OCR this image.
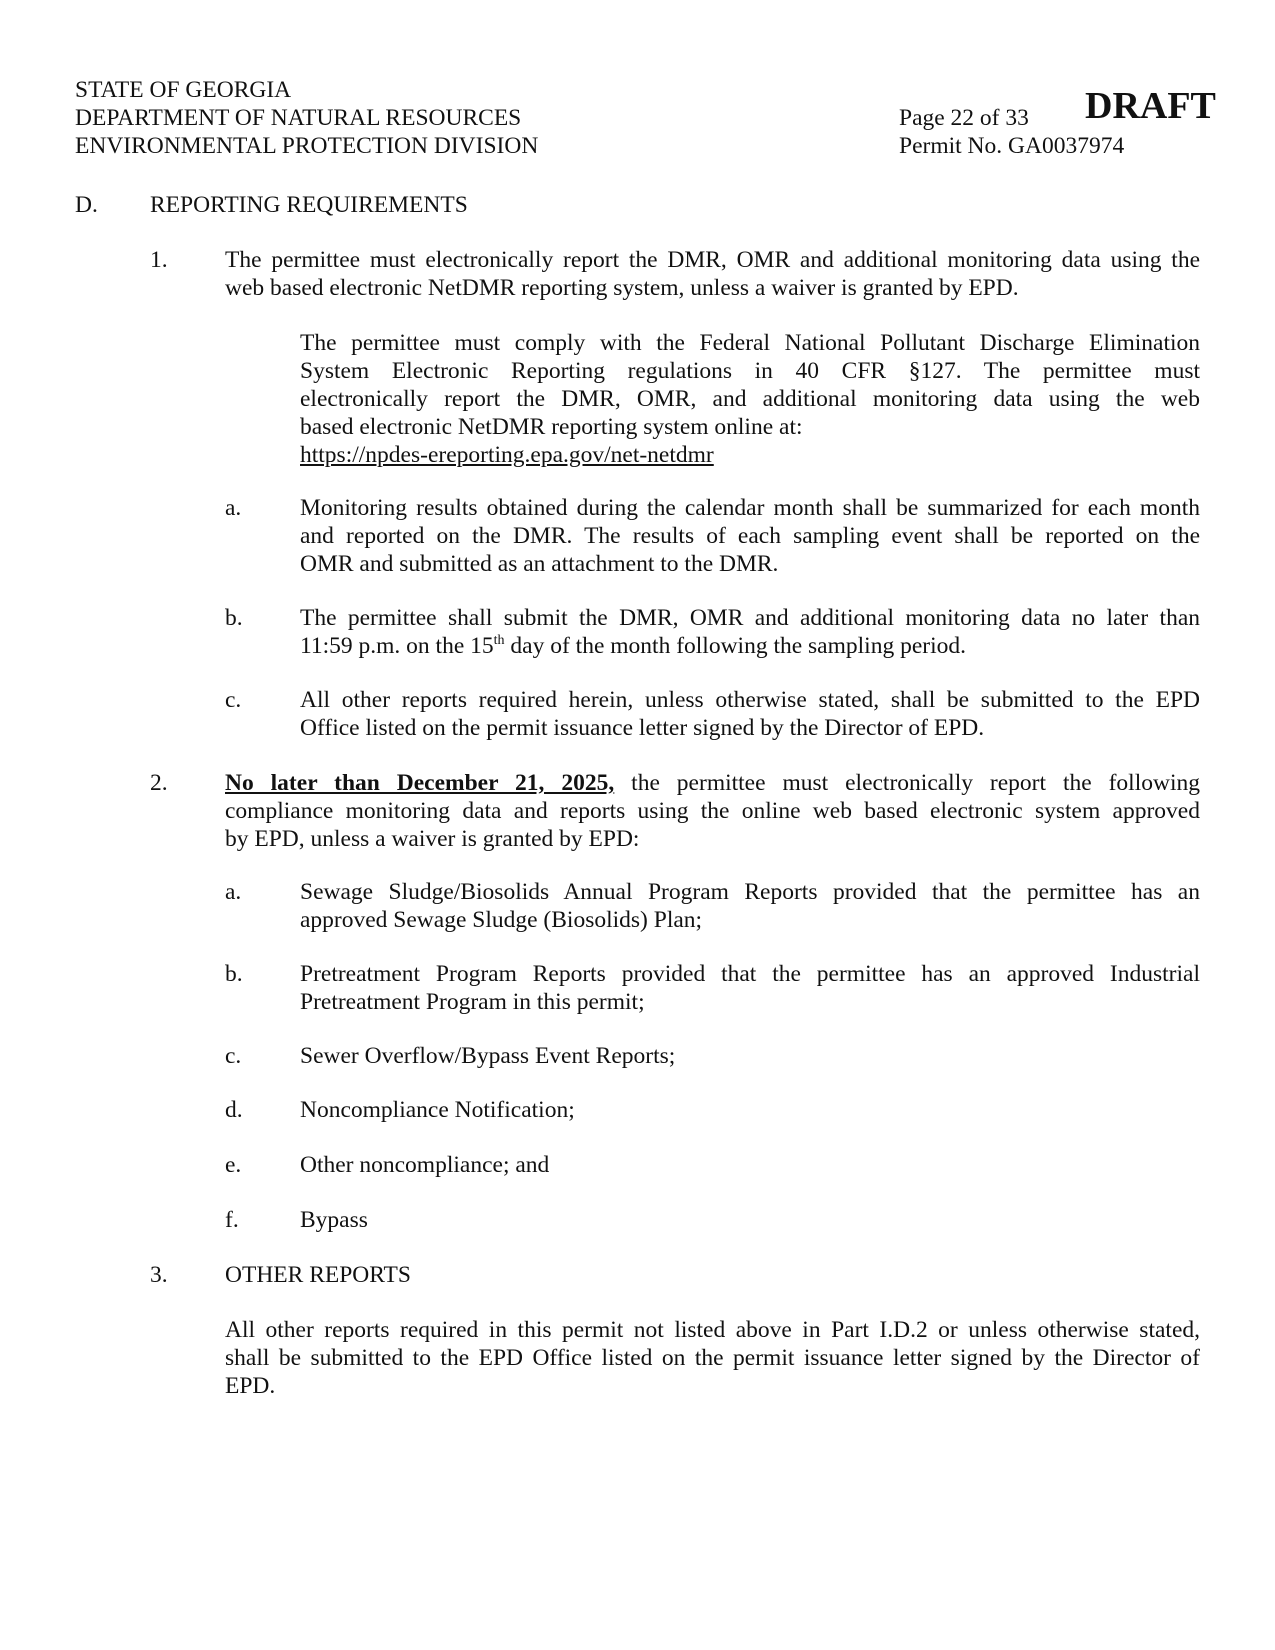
STATE OF GEORGIA
DEPARTMENT OF NATURAL RESOURCES
ENVIRONMENTAL PROTECTION DIVISION
Page 22 of 33
Permit No. GA0037974
DRAFT
D. REPORTING REQUIREMENTS
1. The permittee must electronically report the DMR, OMR and additional monitoring data using the
web based electronic NetDMR reporting system, unless a waiver is granted by EPD.
The permittee must comply with the Federal National Pollutant Discharge Elimination
System Electronic Reporting regulations in 40 CFR §127. The permittee must
electronically report the DMR, OMR, and additional monitoring data using the web
based electronic NetDMR reporting system online at:
https://npdes-ereporting.epa.gov/net-netdmr
a. Monitoring results obtained during the calendar month shall be summarized for each month
and reported on the DMR. The results of each sampling event shall be reported on the
OMR and submitted as an attachment to the DMR.
b. The permittee shall submit the DMR, OMR and additional monitoring data no later than
11:59 p.m. on the 15th day of the month following the sampling period.
c. All other reports required herein, unless otherwise stated, shall be submitted to the EPD
Office listed on the permit issuance letter signed by the Director of EPD.
2. No later than December 21, 2025, the permittee must electronically report the following
compliance monitoring data and reports using the online web based electronic system approved
by EPD, unless a waiver is granted by EPD:
a. Sewage Sludge/Biosolids Annual Program Reports provided that the permittee has an
approved Sewage Sludge (Biosolids) Plan;
b. Pretreatment Program Reports provided that the permittee has an approved Industrial
Pretreatment Program in this permit;
c. Sewer Overflow/Bypass Event Reports;
d. Noncompliance Notification;
e. Other noncompliance; and
f.	Bypass
3. OTHER REPORTS
All other reports required in this permit not listed above in Part I.D.2 or unless otherwise stated,
shall be submitted to the EPD Office listed on the permit issuance letter signed by the Director of
EPD.
